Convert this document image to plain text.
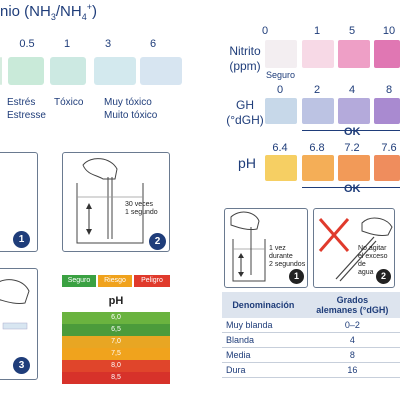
nio $(NH_3/NH_4^+)$
0.5	1	3	6
Estrés
Estresse
Tóxico Muy tóxico
Muito tóxico
0	1	5	10
Nitrito
(ppm)
Seguro
0	2	4	8
GH
(°dGH)
OK
6.4	6.8	7.2	7.6
pH
OK
1
30 veces
1 segundo
2
3
Seguro	Riesgo	Peligro
pH
6,0
6,5
7,0
7,5
8,0
8,5
1 vez durante
2 segundos
1
No agitar
el exceso de
agua 2
Denominación	Grados
alemanes (°dGH)

Muy blanda	0–2
Blanda	4
Media	8
Dura	16
